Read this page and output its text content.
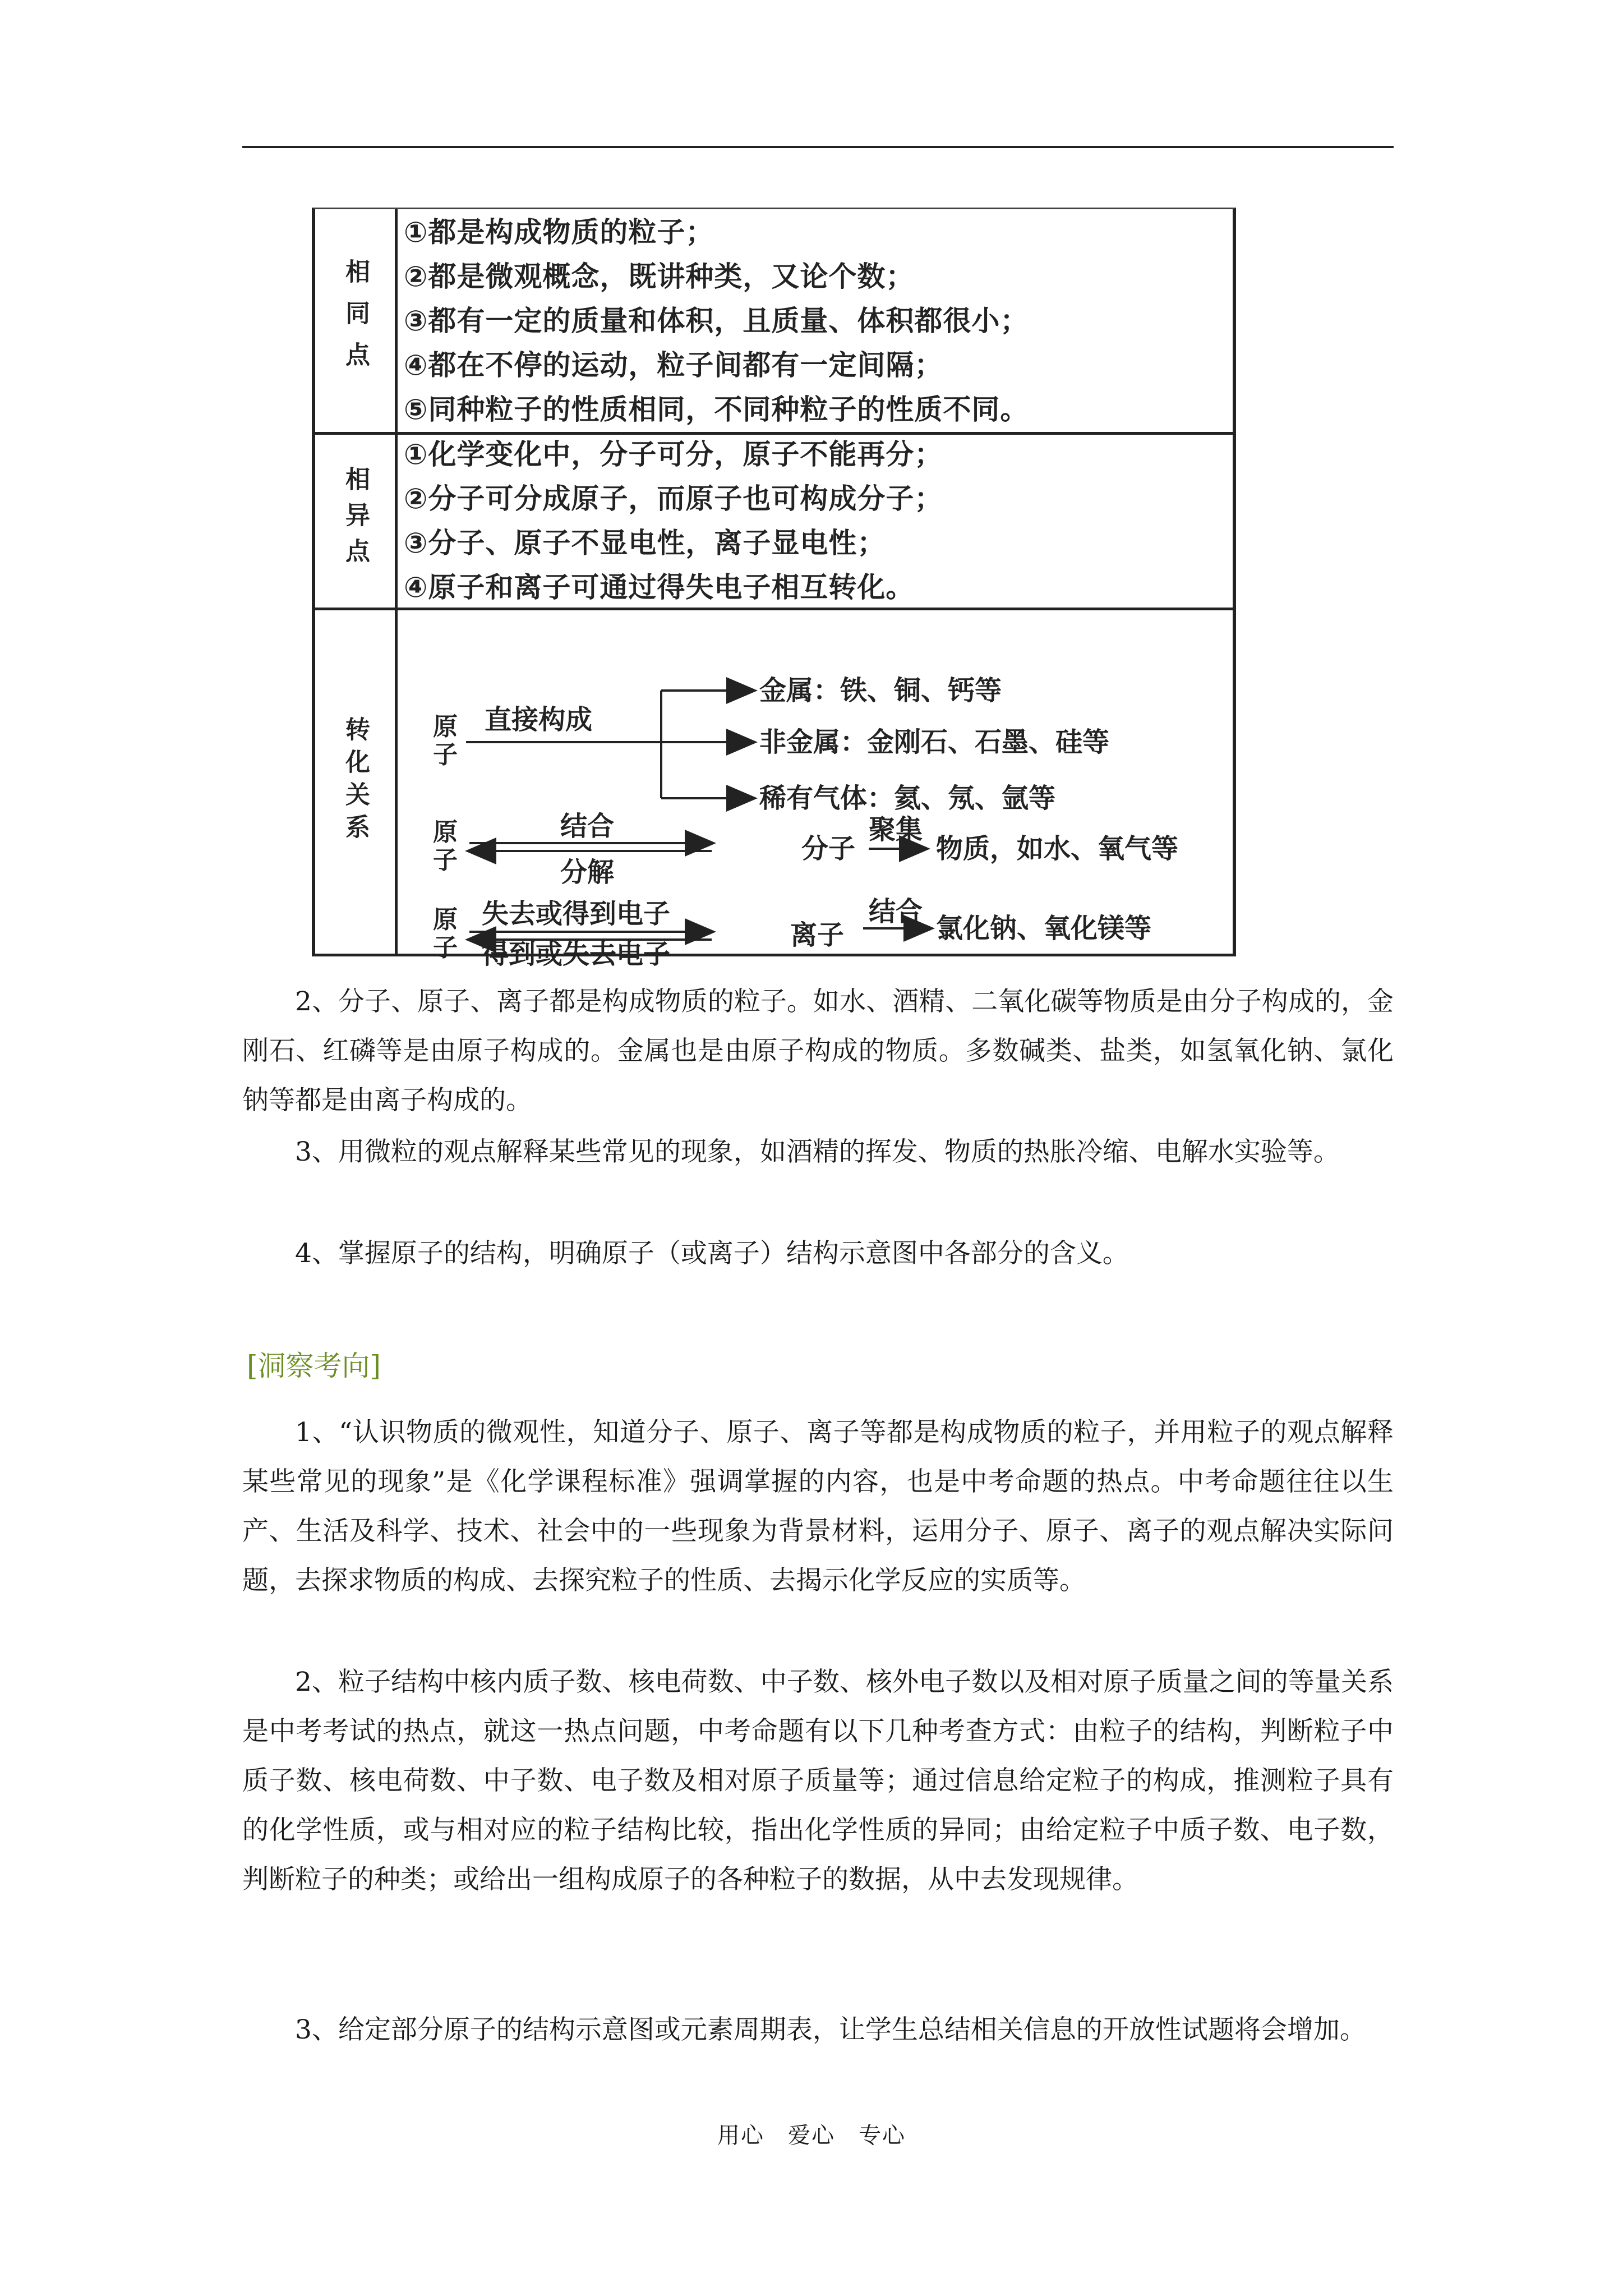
相同点
①都是构成物质的粒子；
②都是微观概念，既讲种类，又论个数；
③都有一定的质量和体积，且质量、体积都很小；
④都在不停的运动，粒子间都有一定间隔；
⑤同种粒子的性质相同，不同种粒子的性质不同。
相异点
①化学变化中，分子可分，原子不能再分；
②分子可分成原子，而原子也可构成分子；
③分子、原子不显电性，离子显电性；
④原子和离子可通过得失电子相互转化。
转化关系	原子
直接构成
金属：铁、铜、钙等
非金属：金刚石、石墨、硅等
稀有气体：氦、氖、氩等
原子
结合
分解
分子
聚集
物质，如水、氧气等
原子
失去或得到电子
得到或失去电子
离子
结合
氯化钠、氧化镁等

2、分子、原子、离子都是构成物质的粒子。如水、酒精、二氧化碳等物质是由分子构成的，金刚石、红磷等是由原子构成的。金属也是由原子构成的物质。多数碱类、盐类，如氢氧化钠、氯化钠等都是由离子构成的。

3、用微粒的观点解释某些常见的现象，如酒精的挥发、物质的热胀冷缩、电解水实验等。

4、掌握原子的结构，明确原子（或离子）结构示意图中各部分的含义。

[洞察考向]

1、“认识物质的微观性，知道分子、原子、离子等都是构成物质的粒子，并用粒子的观点解释某些常见的现象”是《化学课程标准》强调掌握的内容，也是中考命题的热点。中考命题往往以生产、生活及科学、技术、社会中的一些现象为背景材料，运用分子、原子、离子的观点解决实际问题，去探求物质的构成、去探究粒子的性质、去揭示化学反应的实质等。

2、粒子结构中核内质子数、核电荷数、中子数、核外电子数以及相对原子质量之间的等量关系是中考考试的热点，就这一热点问题，中考命题有以下几种考查方式：由粒子的结构，判断粒子中质子数、核电荷数、中子数、电子数及相对原子质量等；通过信息给定粒子的构成，推测粒子具有的化学性质，或与相对应的粒子结构比较，指出化学性质的异同；由给定粒子中质子数、电子数，判断粒子的种类；或给出一组构成原子的各种粒子的数据，从中去发现规律。

3、给定部分原子的结构示意图或元素周期表，让学生总结相关信息的开放性试题将会增加。

用心　爱心　专心
